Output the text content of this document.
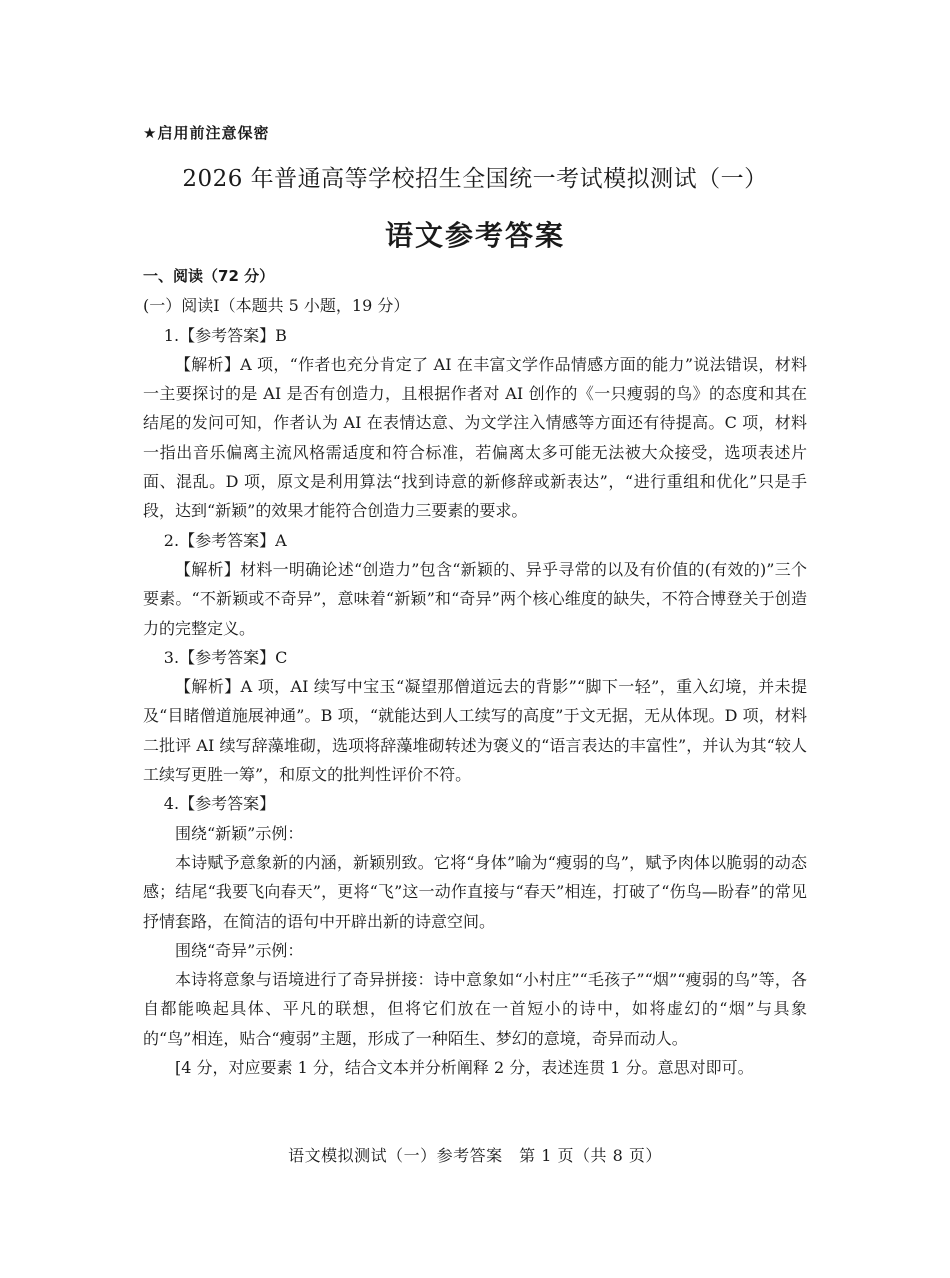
★启用前注意保密
2026 年普通高等学校招生全国统一考试模拟测试（一）
语文参考答案

一、阅读（72 分）

(一）阅读Ⅰ（本题共 5 小题，19 分）

1.【参考答案】B

【解析】A 项，“作者也充分肯定了 AI 在丰富文学作品情感方面的能力”说法错误，材料一主要探讨的是 AI 是否有创造力，且根据作者对 AI 创作的《一只瘦弱的鸟》的态度和其在结尾的发问可知，作者认为 AI 在表情达意、为文学注入情感等方面还有待提高。C 项，材料一指出音乐偏离主流风格需适度和符合标准，若偏离太多可能无法被大众接受，选项表述片面、混乱。D 项，原文是利用算法“找到诗意的新修辞或新表达”，“进行重组和优化”只是手段，达到“新颖”的效果才能符合创造力三要素的要求。

2.【参考答案】A

【解析】材料一明确论述“创造力”包含“新颖的、异乎寻常的以及有价值的(有效的)”三个要素。“不新颖或不奇异”，意味着“新颖”和“奇异”两个核心维度的缺失，不符合博登关于创造力的完整定义。

3.【参考答案】C

【解析】A 项，AI 续写中宝玉“凝望那僧道远去的背影”“脚下一轻”，重入幻境，并未提及“目睹僧道施展神通”。B 项，“就能达到人工续写的高度”于文无据，无从体现。D 项，材料二批评 AI 续写辞藻堆砌，选项将辞藻堆砌转述为褒义的“语言表达的丰富性”，并认为其“较人工续写更胜一筹”，和原文的批判性评价不符。

4.【参考答案】

围绕“新颖”示例：

本诗赋予意象新的内涵，新颖别致。它将“身体”喻为“瘦弱的鸟”，赋予肉体以脆弱的动态感；结尾“我要飞向春天”，更将“飞”这一动作直接与“春天”相连，打破了“伤鸟—盼春”的常见抒情套路，在简洁的语句中开辟出新的诗意空间。

围绕“奇异”示例：

本诗将意象与语境进行了奇异拼接：诗中意象如“小村庄”“毛孩子”“烟”“瘦弱的鸟”等，各自都能唤起具体、平凡的联想，但将它们放在一首短小的诗中，如将虚幻的“烟”与具象的“鸟”相连，贴合“瘦弱”主题，形成了一种陌生、梦幻的意境，奇异而动人。

[4 分，对应要素 1 分，结合文本并分析阐释 2 分，表述连贯 1 分。意思对即可。

语文模拟测试（一）参考答案　第 1 页（共 8 页）
